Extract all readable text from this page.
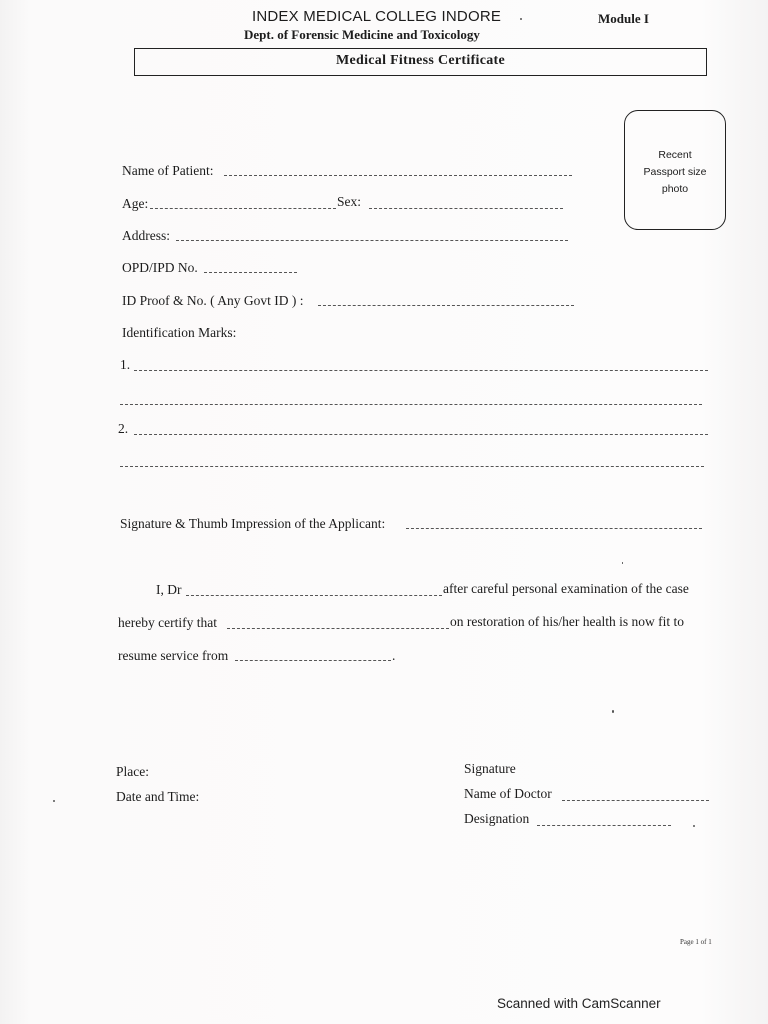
INDEX MEDICAL COLLEG INDORE	Module I
Dept. of Forensic Medicine and Toxicology
Medical Fitness Certificate
Recent
Passport size
photo
Name of Patient:
Age:	Sex:
Address:
OPD/IPD No.
ID Proof & No. ( Any Govt ID ) :
Identification Marks:
1.
2.
Signature & Thumb Impression of the Applicant:
I, Dr	after careful personal examination of the case
hereby certify that	on restoration of his/her health is now fit to
resume service from	.
Place:
Date and Time:
Signature
Name of Doctor
Designation
Page 1 of 1
Scanned with CamScanner
